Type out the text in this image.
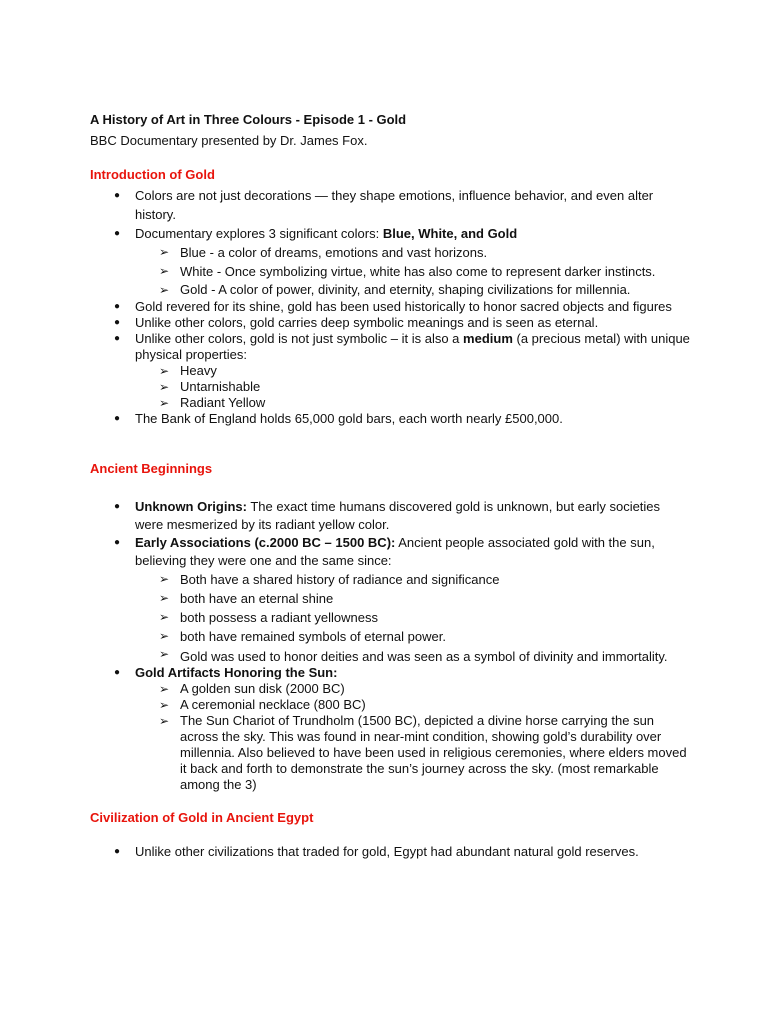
A History of Art in Three Colours - Episode 1 - Gold

BBC Documentary presented by Dr. James Fox.

Introduction of Gold

● Colors are not just decorations — they shape emotions, influence behavior, and even alter history.
● Documentary explores 3 significant colors: Blue, White, and Gold
➢ Blue - a color of dreams, emotions and vast horizons.
➢ White - Once symbolizing virtue, white has also come to represent darker instincts.
➢ Gold - A color of power, divinity, and eternity, shaping civilizations for millennia.
● Gold revered for its shine, gold has been used historically to honor sacred objects and figures
● Unlike other colors, gold carries deep symbolic meanings and is seen as eternal.
● Unlike other colors, gold is not just symbolic – it is also a medium (a precious metal) with unique physical properties:
➢ Heavy
➢ Untarnishable
➢ Radiant Yellow
● The Bank of England holds 65,000 gold bars, each worth nearly £500,000.

Ancient Beginnings

● Unknown Origins: The exact time humans discovered gold is unknown, but early societies were mesmerized by its radiant yellow color.
● Early Associations (c.2000 BC – 1500 BC): Ancient people associated gold with the sun, believing they were one and the same since:
➢ Both have a shared history of radiance and significance
➢ both have an eternal shine
➢ both possess a radiant yellowness
➢ both have remained symbols of eternal power.
➢ Gold was used to honor deities and was seen as a symbol of divinity and immortality.
● Gold Artifacts Honoring the Sun:
➢ A golden sun disk (2000 BC)
➢ A ceremonial necklace (800 BC)
➢ The Sun Chariot of Trundholm (1500 BC), depicted a divine horse carrying the sun across the sky. This was found in near-mint condition, showing gold’s durability over millennia. Also believed to have been used in religious ceremonies, where elders moved it back and forth to demonstrate the sun’s journey across the sky. (most remarkable among the 3)

Civilization of Gold in Ancient Egypt

● Unlike other civilizations that traded for gold, Egypt had abundant natural gold reserves.
